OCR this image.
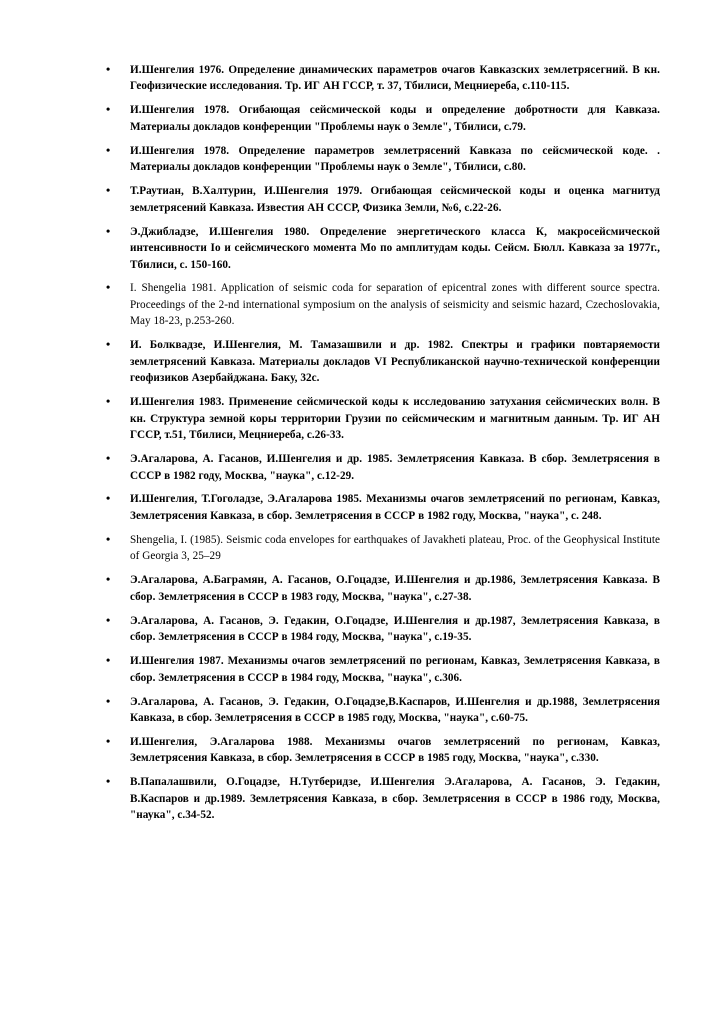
• И.Шенгелия 1976. Определение динамических параметров очагов Кавказских землетрясегний. В кн. Геофизические исследования. Тр. ИГ АН ГССР, т. 37, Тбилиси, Мецниереба, с.110-115.
• И.Шенгелия 1978. Огибающая сейсмической коды и определение добротности для Кавказа. Материалы докладов конференции "Проблемы наук о Земле", Тбилиси, с.79.
• И.Шенгелия 1978. Определение параметров землетрясений Кавказа по сейсмической коде. . Материалы докладов конференции "Проблемы наук о Земле", Тбилиси, с.80.
• Т.Раутиан, В.Халтурин, И.Шенгелия 1979. Огибающая сейсмической коды и оценка магнитуд землетрясений Кавказа. Известия АН СССР, Физика Земли, №6, с.22-26.
• Э.Джибладзе, И.Шенгелия 1980. Определение энергетического класса К, макросейсмической интенсивности Io и сейсмического момента Мо по амплитудам коды. Сейсм. Бюлл. Кавказа за 1977г., Тбилиси, с. 150-160.
• I. Shengelia 1981. Application of seismic coda for separation of epicentral zones with different source spectra. Proceedings of the 2-nd international symposium on the analysis of seismicity and seismic hazard, Czechoslovakia, May 18-23, p.253-260.
• И. Болквадзе, И.Шенгелия, М. Тамазашвили и др. 1982. Спектры и графики повтаряемости землетрясений Кавказа. Материалы докладов VI Республиканской научно-технической конференции геофизиков Азербайджана. Баку, 32с.
• И.Шенгелия 1983. Применение сейсмической коды к исследованию затухания сейсмических волн. В кн. Структура земной коры территории Грузии по сейсмическим и магнитным данным. Тр. ИГ АН ГССР, т.51, Тбилиси, Мецниереба, с.26-33.
• Э.Агаларова, А. Гасанов, И.Шенгелия и др. 1985. Землетрясения Кавказа. В сбор. Землетрясения в СССР в 1982 году, Москва, "наука", с.12-29.
• И.Шенгелия, Т.Гоголадзе, Э.Агаларова 1985. Механизмы очагов землетрясений по регионам, Кавказ, Землетрясения Кавказа, в сбор. Землетрясения в СССР в 1982 году, Москва, "наука", с. 248.
• Shengelia, I. (1985). Seismic coda envelopes for earthquakes of Javakheti plateau, Proc. of the Geophysical Institute of Georgia 3, 25–29
• Э.Агаларова, А.Баграмян, А. Гасанов, О.Гоцадзе, И.Шенгелия и др.1986, Землетрясения Кавказа. В сбор. Землетрясения в СССР в 1983 году, Москва, "наука", с.27-38.
• Э.Агаларова, А. Гасанов, Э. Гедакин, О.Гоцадзе, И.Шенгелия и др.1987, Землетрясения Кавказа, в сбор. Землетрясения в СССР в 1984 году, Москва, "наука", с.19-35.
• И.Шенгелия 1987. Механизмы очагов землетрясений по регионам, Кавказ, Землетрясения Кавказа, в сбор. Землетрясения в СССР в 1984 году, Москва, "наука", с.306.
• Э.Агаларова, А. Гасанов, Э. Гедакин, О.Гоцадзе,В.Каспаров, И.Шенгелия и др.1988, Землетрясения Кавказа, в сбор. Землетрясения в СССР в 1985 году, Москва, "наука", с.60-75.
• И.Шенгелия, Э.Агаларова 1988. Механизмы очагов землетрясений по регионам, Кавказ, Землетрясения Кавказа, в сбор. Землетрясения в СССР в 1985 году, Москва, "наука", с.330.
• В.Папалашвили, О.Гоцадзе, Н.Тутберидзе, И.Шенгелия Э.Агаларова, А. Гасанов, Э. Гедакин, В.Каспаров и др.1989. Землетрясения Кавказа, в сбор. Землетрясения в СССР в 1986 году, Москва, "наука", с.34-52.
